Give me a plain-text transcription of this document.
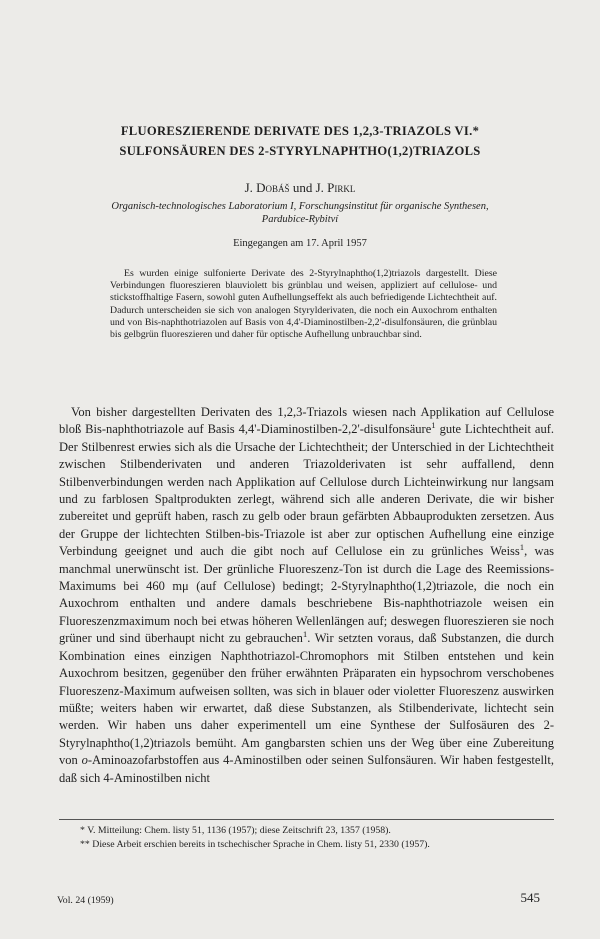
FLUORESZIERENDE DERIVATE DES 1,2,3-TRIAZOLS VI.*
SULFONSÄUREN DES 2-STYRYLNAPHTHO(1,2)TRIAZOLS
J. Dobáš und J. Pirkl
Organisch-technologisches Laboratorium I, Forschungsinstitut für organische Synthesen,
Pardubice-Rybitví
Eingegangen am 17. April 1957

Es wurden einige sulfonierte Derivate des 2-Styrylnaphtho(1,2)triazols dargestellt. Diese Verbindungen fluoreszieren blauviolett bis grünblau und weisen, appliziert auf cellulose- und stickstoffhaltige Fasern, sowohl guten Aufhellungseffekt als auch befriedigende Lichtechtheit auf. Dadurch unterscheiden sie sich von analogen Styrylderivaten, die noch ein Auxochrom enthalten und von Bis-naphthotriazolen auf Basis von 4,4'-Diaminostilben-2,2'-disulfonsäuren, die grünblau bis gelbgrün fluoreszieren und daher für optische Aufhellung unbrauchbar sind.

Von bisher dargestellten Derivaten des 1,2,3-Triazols wiesen nach Applikation auf Cellulose bloß Bis-naphthotriazole auf Basis 4,4'-Diaminostilben-2,2'-disulfonsäure$^1$ gute Lichtechtheit auf. Der Stilbenrest erwies sich als die Ursache der Lichtechtheit; der Unterschied in der Lichtechtheit zwischen Stilbenderivaten und anderen Triazolderivaten ist sehr auffallend, denn Stilbenverbindungen werden nach Applikation auf Cellulose durch Lichteinwirkung nur langsam und zu farblosen Spaltprodukten zerlegt, während sich alle anderen Derivate, die wir bisher zubereitet und geprüft haben, rasch zu gelb oder braun gefärbten Abbauprodukten zersetzen. Aus der Gruppe der lichtechten Stilben-bis-Triazole ist aber zur optischen Aufhellung eine einzige Verbindung geeignet und auch die gibt noch auf Cellulose ein zu grünliches Weiss$^1$, was manchmal unerwünscht ist. Der grünliche Fluoreszenz-Ton ist durch die Lage des Reemissions-Maximums bei 460 mμ (auf Cellulose) bedingt; 2-Styrylnaphtho(1,2)triazole, die noch ein Auxochrom enthalten und andere damals beschriebene Bis-naphthotriazole weisen ein Fluoreszenzmaximum noch bei etwas höheren Wellenlängen auf; deswegen fluoreszieren sie noch grüner und sind überhaupt nicht zu gebrauchen$^1$. Wir setzten voraus, daß Substanzen, die durch Kombination eines einzigen Naphthotriazol-Chromophors mit Stilben entstehen und kein Auxochrom besitzen, gegenüber den früher erwähnten Präparaten ein hypsochrom verschobenes Fluoreszenz-Maximum aufweisen sollten, was sich in blauer oder violetter Fluoreszenz auswirken müßte; weiters haben wir erwartet, daß diese Substanzen, als Stilbenderivate, lichtecht sein werden. Wir haben uns daher experimentell um eine Synthese der Sulfosäuren des 2-Styrylnaphtho(1,2)triazols bemüht. Am gangbarsten schien uns der Weg über eine Zubereitung von o-Aminoazofarbstoffen aus 4-Aminostilben oder seinen Sulfonsäuren. Wir haben festgestellt, daß sich 4-Aminostilben nicht

* V. Mitteilung: Chem. listy 51, 1136 (1957); diese Zeitschrift 23, 1357 (1958).
** Diese Arbeit erschien bereits in tschechischer Sprache in Chem. listy 51, 2330 (1957).
Vol. 24 (1959)	545
